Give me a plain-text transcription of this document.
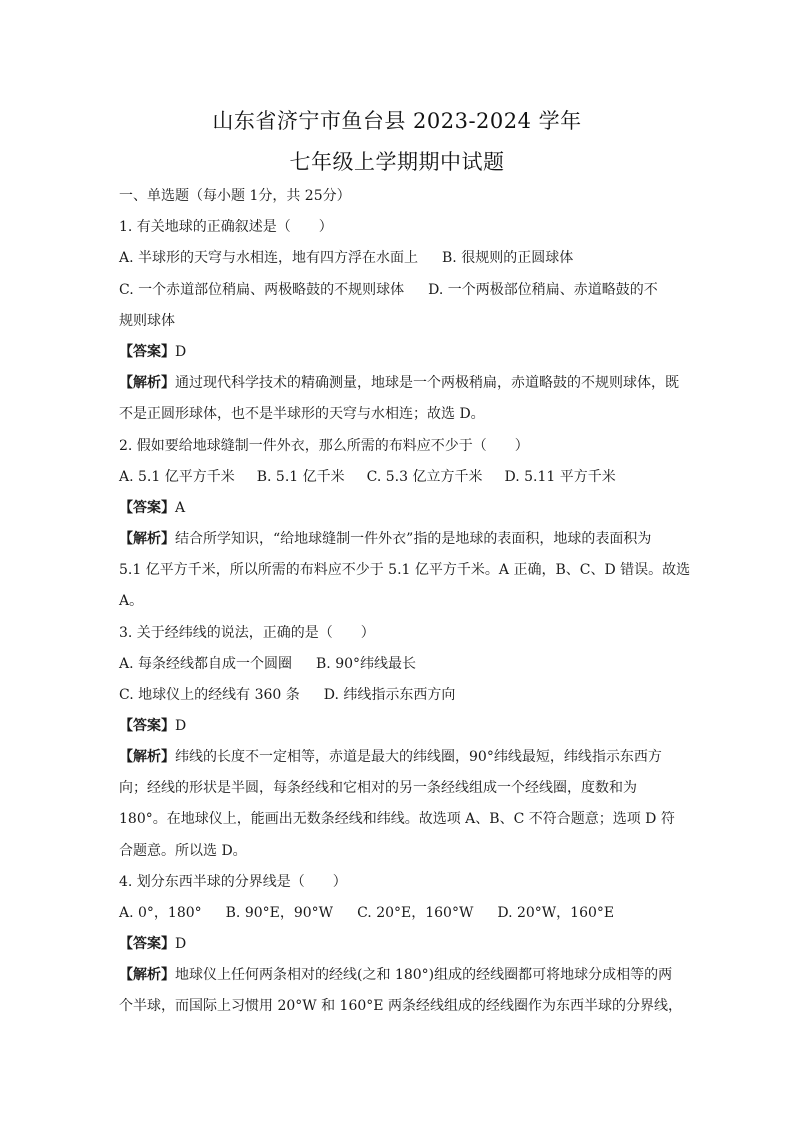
山东省济宁市鱼台县 2023-2024 学年
七年级上学期期中试题
一、单选题（每小题 1分，共 25分）
1. 有关地球的正确叙述是（　　）
A. 半球形的天穹与水相连，地有四方浮在水面上 B. 很规则的正圆球体
C. 一个赤道部位稍扁、两极略鼓的不规则球体 D. 一个两极部位稍扁、赤道略鼓的不
规则球体
【答案】D
【解析】通过现代科学技术的精确测量，地球是一个两极稍扁，赤道略鼓的不规则球体，既
不是正圆形球体，也不是半球形的天穹与水相连；故选 D。
2. 假如要给地球缝制一件外衣，那么所需的布料应不少于（　　）
A. 5.1 亿平方千米 B. 5.1 亿千米 C. 5.3 亿立方千米 D. 5.11 平方千米
【答案】A
【解析】结合所学知识，“给地球缝制一件外衣”指的是地球的表面积，地球的表面积为
5.1 亿平方千米，所以所需的布料应不少于 5.1 亿平方千米。A 正确，B、C、D 错误。故选
A。
3. 关于经纬线的说法，正确的是（　　）
A. 每条经线都自成一个圆圈 B. 90°纬线最长
C. 地球仪上的经线有 360 条 D. 纬线指示东西方向
【答案】D
【解析】纬线的长度不一定相等，赤道是最大的纬线圈，90°纬线最短，纬线指示东西方
向；经线的形状是半圆，每条经线和它相对的另一条经线组成一个经线圈，度数和为
180°。在地球仪上，能画出无数条经线和纬线。故选项 A、B、C 不符合题意；选项 D 符
合题意。所以选 D。
4. 划分东西半球的分界线是（　　）
A. 0°，180° B. 90°E，90°W C. 20°E，160°W D. 20°W，160°E
【答案】D
【解析】地球仪上任何两条相对的经线(之和 180°)组成的经线圈都可将地球分成相等的两
个半球，而国际上习惯用 20°W 和 160°E 两条经线组成的经线圈作为东西半球的分界线，
